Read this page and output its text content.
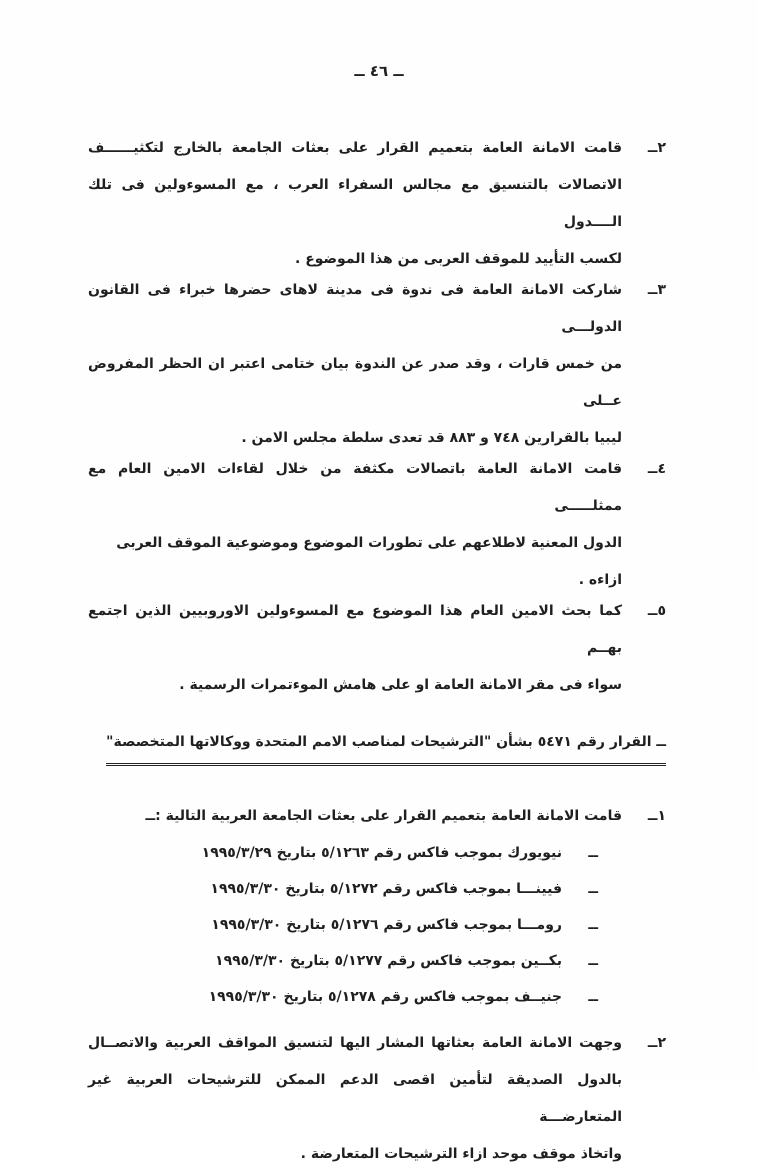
ــ ٤٦ ــ
٢ــ
قامت الامانة العامة بتعميم القرار على بعثات الجامعة بالخارج لتكثيــــــف
الاتصالات بالتنسيق مع مجالس السفراء العرب ، مع المسوءولين فى تلك الــــدول
لكسب التأييد للموقف العربى من هذا الموضوع .
٣ــ
شاركت الامانة العامة فى ندوة فى مدينة لاهاى حضرها خبراء فى القانون الدولـــى
من خمس قارات ، وقد صدر عن الندوة بيان ختامى اعتبر ان الحظر المفروض عــلى
ليبيا بالقرارين ٧٤٨ و ٨٨٣ قد تعدى سلطة مجلس الامن .
٤ــ
قامت الامانة العامة باتصالات مكثفة من خلال لقاءات الامين العام مع ممثلـــــى
الدول المعنية لاطلاعهم على تطورات الموضوع وموضوعية الموقف العربى ازاءه .
٥ــ
كما بحث الامين العام هذا الموضوع مع المسوءولين الاوروبيين الذين اجتمع بهــم
سواء فى مقر الامانة العامة او على هامش الموءتمرات الرسمية .
ــ القرار رقم ٥٤٧١ بشأن "الترشيحات لمناصب الامم المتحدة ووكالاتها المتخصصة"
١ــ
قامت الامانة العامة بتعميم القرار على بعثات الجامعة العربية التالية :ــ
ــ
نيويورك بموجب فاكس رقم ٥/١٢٦٣ بتاريخ ١٩٩٥/٣/٢٩
ــ
فيينـــا بموجب فاكس رقم ٥/١٢٧٢ بتاريخ ١٩٩٥/٣/٣٠
ــ
رومـــا بموجب فاكس رقم ٥/١٢٧٦ بتاريخ ١٩٩٥/٣/٣٠
ــ
بكــين بموجب فاكس رقم ٥/١٢٧٧ بتاريخ ١٩٩٥/٣/٣٠
ــ
جنيــف بموجب فاكس رقم ٥/١٢٧٨ بتاريخ ١٩٩٥/٣/٣٠
٢ــ
وجهت الامانة العامة بعثاتها المشار اليها لتنسيق المواقف العربية والاتصــال
بالدول الصديقة لتأمين اقصى الدعم الممكن للترشيحات العربية غير المتعارضـــة
واتخاذ موقف موحد ازاء الترشيحات المتعارضة .
